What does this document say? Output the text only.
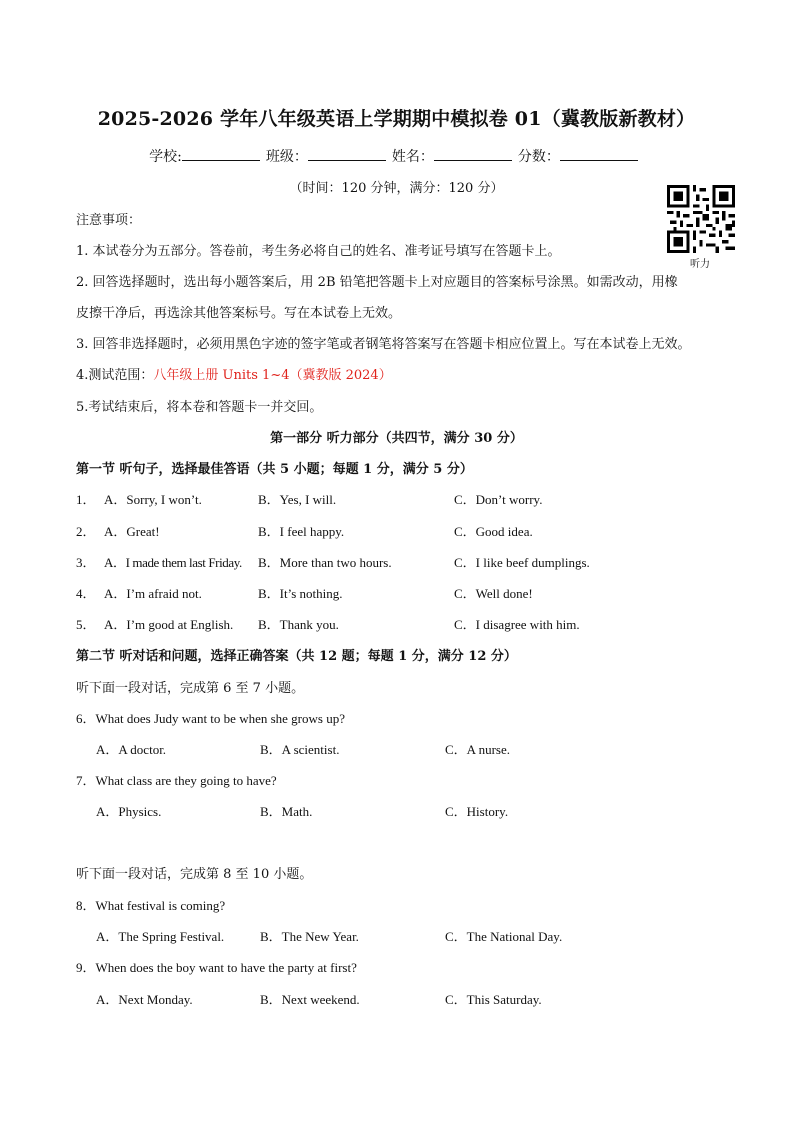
2025-2026 学年八年级英语上学期期中模拟卷 01（冀教版新教材）
学校:	班级：	姓名：	分数：
（时间：120 分钟，满分：120 分）
听力
注意事项：
1. 本试卷分为五部分。答卷前，考生务必将自己的姓名、准考证号填写在答题卡上。
2. 回答选择题时，选出每小题答案后，用 2B 铅笔把答题卡上对应题目的答案标号涂黑。如需改动，用橡
皮擦干净后，再选涂其他答案标号。写在本试卷上无效。
3. 回答非选择题时，必须用黑色字迹的签字笔或者钢笔将答案写在答题卡相应位置上。写在本试卷上无效。
4.测试范围：八年级上册 Units 1~4（冀教版 2024）
5.考试结束后，将本卷和答题卡一并交回。
第一部分 听力部分（共四节，满分 30 分）
第一节 听句子，选择最佳答语（共 5 小题；每题 1 分，满分 5 分）
1． A．Sorry, I won’t.	B．Yes, I will.	C．Don’t worry.
2． A．Great!	B．I feel happy.	C．Good idea.
3． A．I made them last Friday. B．More than two hours.	C．I like beef dumplings.
4． A．I’m afraid not.	B．It’s nothing.	C．Well done!
5． A．I’m good at English. B．Thank you.	C．I disagree with him.
第二节 听对话和问题，选择正确答案（共 12 题；每题 1 分，满分 12 分）
听下面一段对话，完成第 6 至 7 小题。
6．What does Judy want to be when she grows up?
A．A doctor.	B．A scientist.	C．A nurse.
7．What class are they going to have?
A．Physics.	B．Math.	C．History.
听下面一段对话，完成第 8 至 10 小题。
8．What festival is coming?
A．The Spring Festival.	B．The New Year.	C．The National Day.
9．When does the boy want to have the party at first?
A．Next Monday.	B．Next weekend.	C．This Saturday.
